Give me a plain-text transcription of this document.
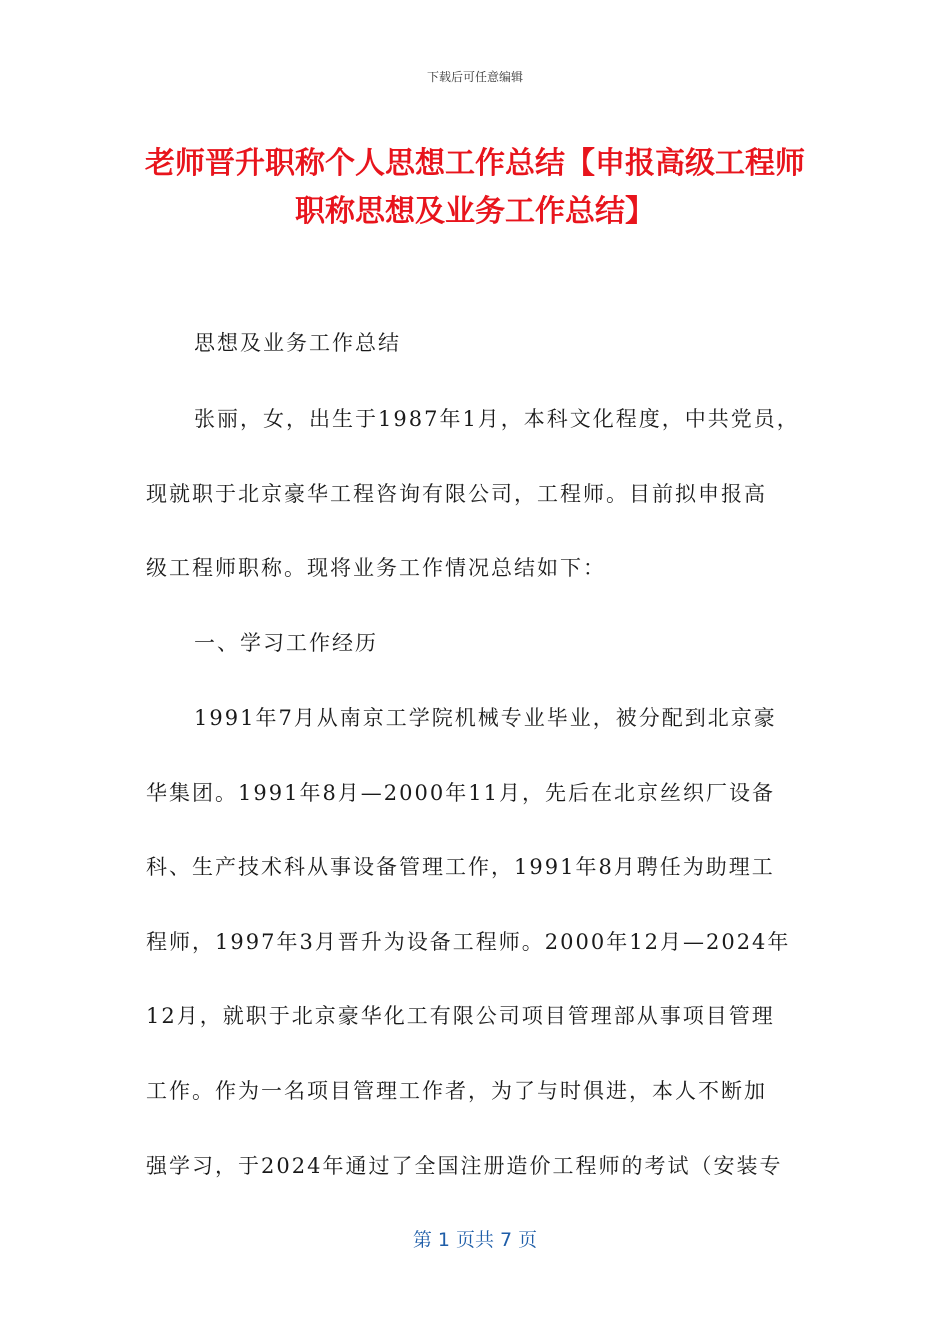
下载后可任意编辑
老师晋升职称个人思想工作总结【申报高级工程师职称思想及业务工作总结】
思想及业务工作总结
张丽，女，出生于1987年1月，本科文化程度，中共党员，
现就职于北京豪华工程咨询有限公司，工程师。目前拟申报高
级工程师职称。现将业务工作情况总结如下：
一、学习工作经历
1991年7月从南京工学院机械专业毕业，被分配到北京豪
华集团。1991年8月—2000年11月，先后在北京丝织厂设备
科、生产技术科从事设备管理工作，1991年8月聘任为助理工
程师，1997年3月晋升为设备工程师。2000年12月—2024年
12月，就职于北京豪华化工有限公司项目管理部从事项目管理
工作。作为一名项目管理工作者，为了与时俱进，本人不断加
强学习，于2024年通过了全国注册造价工程师的考试（安装专
第 1 页共 7 页
